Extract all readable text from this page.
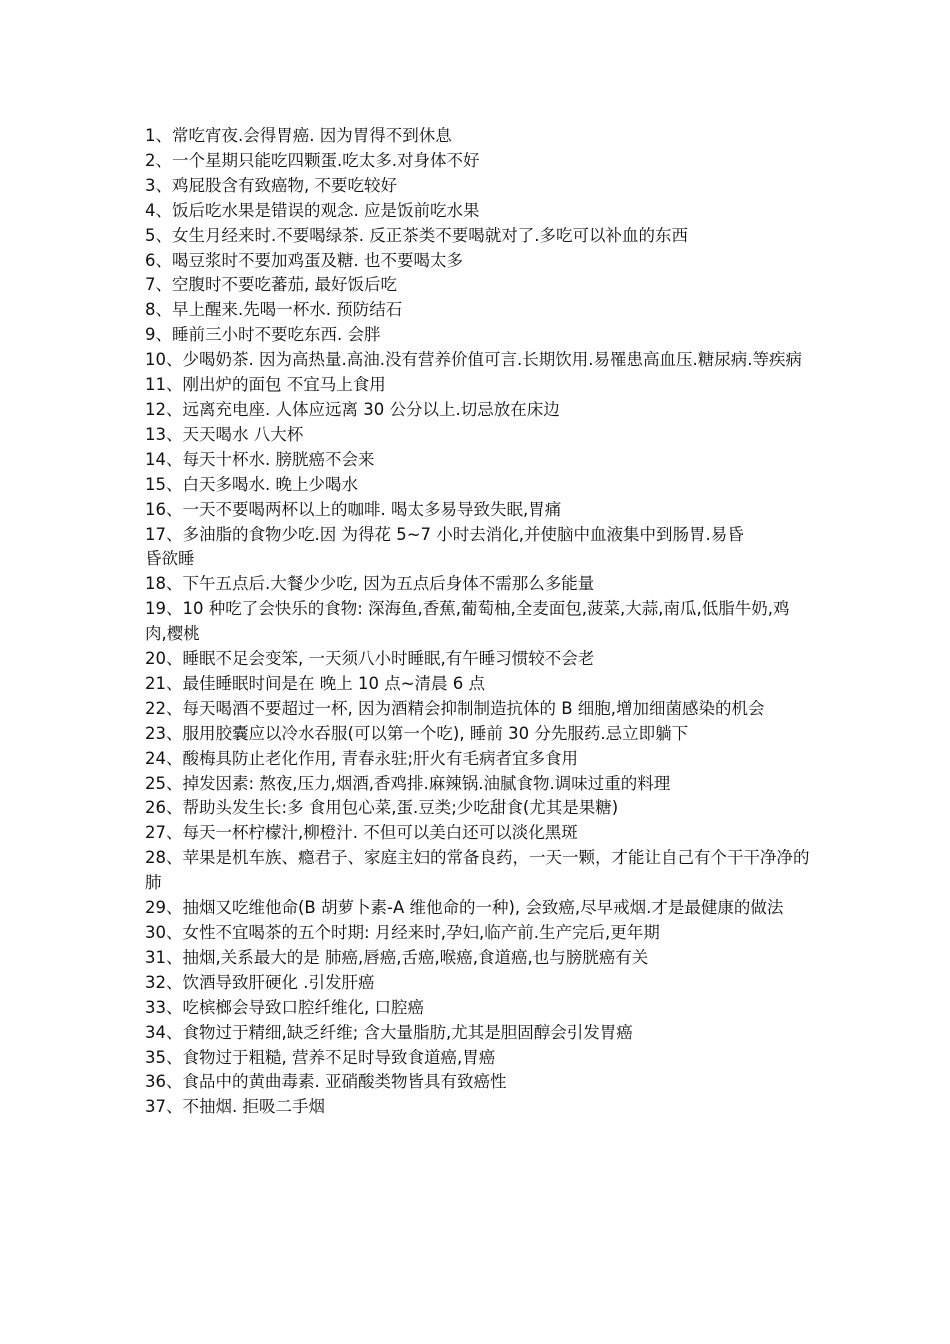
1、常吃宵夜.会得胃癌. 因为胃得不到休息

2、一个星期只能吃四颗蛋.吃太多.对身体不好

3、鸡屁股含有致癌物, 不要吃较好

4、饭后吃水果是错误的观念. 应是饭前吃水果

5、女生月经来时.不要喝绿茶. 反正茶类不要喝就对了.多吃可以补血的东西

6、喝豆浆时不要加鸡蛋及糖. 也不要喝太多

7、空腹时不要吃蕃茄, 最好饭后吃

8、早上醒来.先喝一杯水. 预防结石

9、睡前三小时不要吃东西. 会胖

10、少喝奶茶. 因为高热量.高油.没有营养价值可言.长期饮用.易罹患高血压.糖尿病.等疾病

11、刚出炉的面包 不宜马上食用

12、远离充电座. 人体应远离 30 公分以上.切忌放在床边

13、天天喝水 八大杯

14、每天十杯水. 膀胱癌不会来

15、白天多喝水. 晚上少喝水

16、一天不要喝两杯以上的咖啡. 喝太多易导致失眠,胃痛

17、多油脂的食物少吃.因 为得花 5~7 小时去消化,并使脑中血液集中到肠胃.易昏

昏欲睡

18、下午五点后.大餐少少吃, 因为五点后身体不需那么多能量

19、10 种吃了会快乐的食物: 深海鱼,香蕉,葡萄柚,全麦面包,菠菜,大蒜,南瓜,低脂牛奶,鸡肉,樱桃

20、睡眠不足会变笨, 一天须八小时睡眠,有午睡习惯较不会老

21、最佳睡眠时间是在 晚上 10 点~清晨 6 点

22、每天喝酒不要超过一杯, 因为酒精会抑制制造抗体的 B 细胞,增加细菌感染的机会

23、服用胶囊应以冷水吞服(可以第一个吃), 睡前 30 分先服药.忌立即躺下

24、酸梅具防止老化作用, 青春永驻;肝火有毛病者宜多食用

25、掉发因素: 熬夜,压力,烟酒,香鸡排.麻辣锅.油腻食物.调味过重的料理

26、帮助头发生长:多 食用包心菜,蛋.豆类;少吃甜食(尤其是果糖)

27、每天一杯柠檬汁,柳橙汁. 不但可以美白还可以淡化黑斑

28、苹果是机车族、瘾君子、家庭主妇的常备良药，一天一颗，才能让自己有个干干净净的肺

29、抽烟又吃维他命(B 胡萝卜素-A 维他命的一种), 会致癌,尽早戒烟.才是最健康的做法

30、女性不宜喝茶的五个时期: 月经来时,孕妇,临产前.生产完后,更年期

31、抽烟,关系最大的是 肺癌,唇癌,舌癌,喉癌,食道癌,也与膀胱癌有关

32、饮酒导致肝硬化 .引发肝癌

33、吃槟榔会导致口腔纤维化, 口腔癌

34、食物过于精细,缺乏纤维; 含大量脂肪,尤其是胆固醇会引发胃癌

35、食物过于粗糙, 营养不足时导致食道癌,胃癌

36、食品中的黄曲毒素. 亚硝酸类物皆具有致癌性

37、不抽烟. 拒吸二手烟
